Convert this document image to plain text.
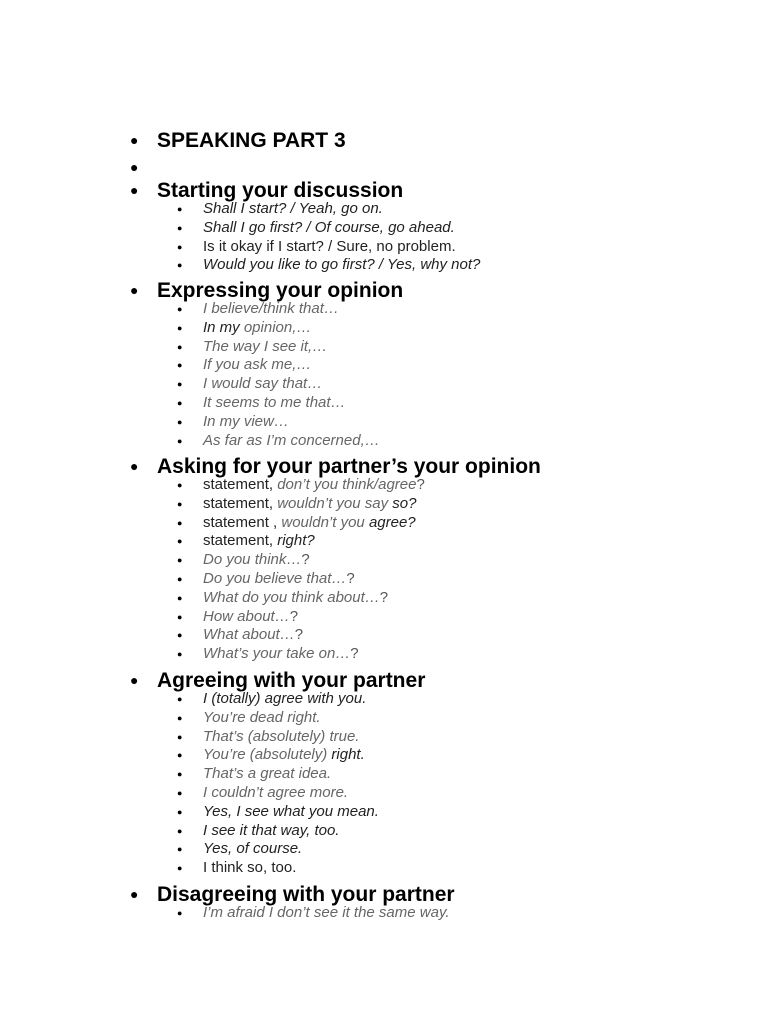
● SPEAKING PART 3
●
● Starting your discussion
● Shall I start? / Yeah, go on.
● Shall I go first? / Of course, go ahead.
● Is it okay if I start? / Sure, no problem.
● Would you like to go first? / Yes, why not?
● Expressing your opinion
● I believe/think that…
● In my opinion,…
● The way I see it,…
● If you ask me,…
● I would say that…
● It seems to me that…
● In my view…
● As far as I’m concerned,…
● Asking for your partner’s your opinion
● statement, don’t you think/agree?
● statement, wouldn’t you say so?
● statement , wouldn’t you agree?
● statement, right?
● Do you think…?
● Do you believe that…?
● What do you think about…?
● How about…?
● What about…?
● What’s your take on…?
● Agreeing with your partner
● I (totally) agree with you.
● You’re dead right.
● That’s (absolutely) true.
● You’re (absolutely) right.
● That’s a great idea.
● I couldn’t agree more.
● Yes, I see what you mean.
● I see it that way, too.
● Yes, of course.
● I think so, too.
● Disagreeing with your partner
● I’m afraid I don’t see it the same way.
